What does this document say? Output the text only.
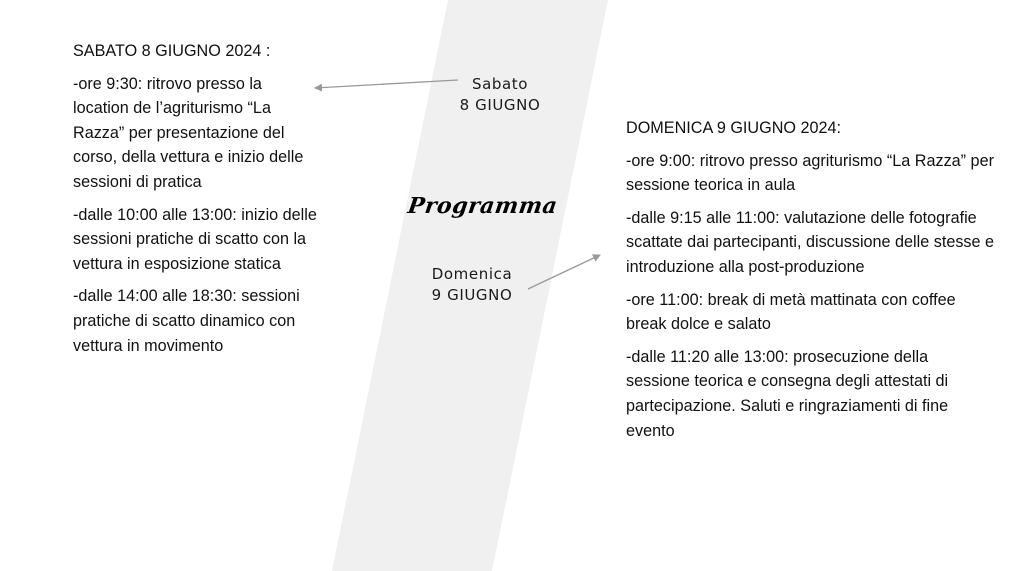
SABATO 8 GIUGNO 2024 :

-ore 9:30: ritrovo presso la location de l’agriturismo “La Razza” per presentazione del corso, della vettura e inizio delle sessioni di pratica

-dalle 10:00 alle 13:00: inizio delle sessioni pratiche di scatto con la vettura in esposizione statica

-dalle 14:00 alle 18:30: sessioni pratiche di scatto dinamico con vettura in movimento

Sabato
8 GIUGNO
Programma
Domenica
9 GIUGNO

DOMENICA 9 GIUGNO 2024:

-ore 9:00: ritrovo presso agriturismo “La Razza” per sessione teorica in aula

-dalle 9:15 alle 11:00: valutazione delle fotografie scattate dai partecipanti, discussione delle stesse e introduzione alla post-produzione

-ore 11:00: break di metà mattinata con coffee break dolce e salato

-dalle 11:20 alle 13:00: prosecuzione della sessione teorica e consegna degli attestati di partecipazione. Saluti e ringraziamenti di fine evento
